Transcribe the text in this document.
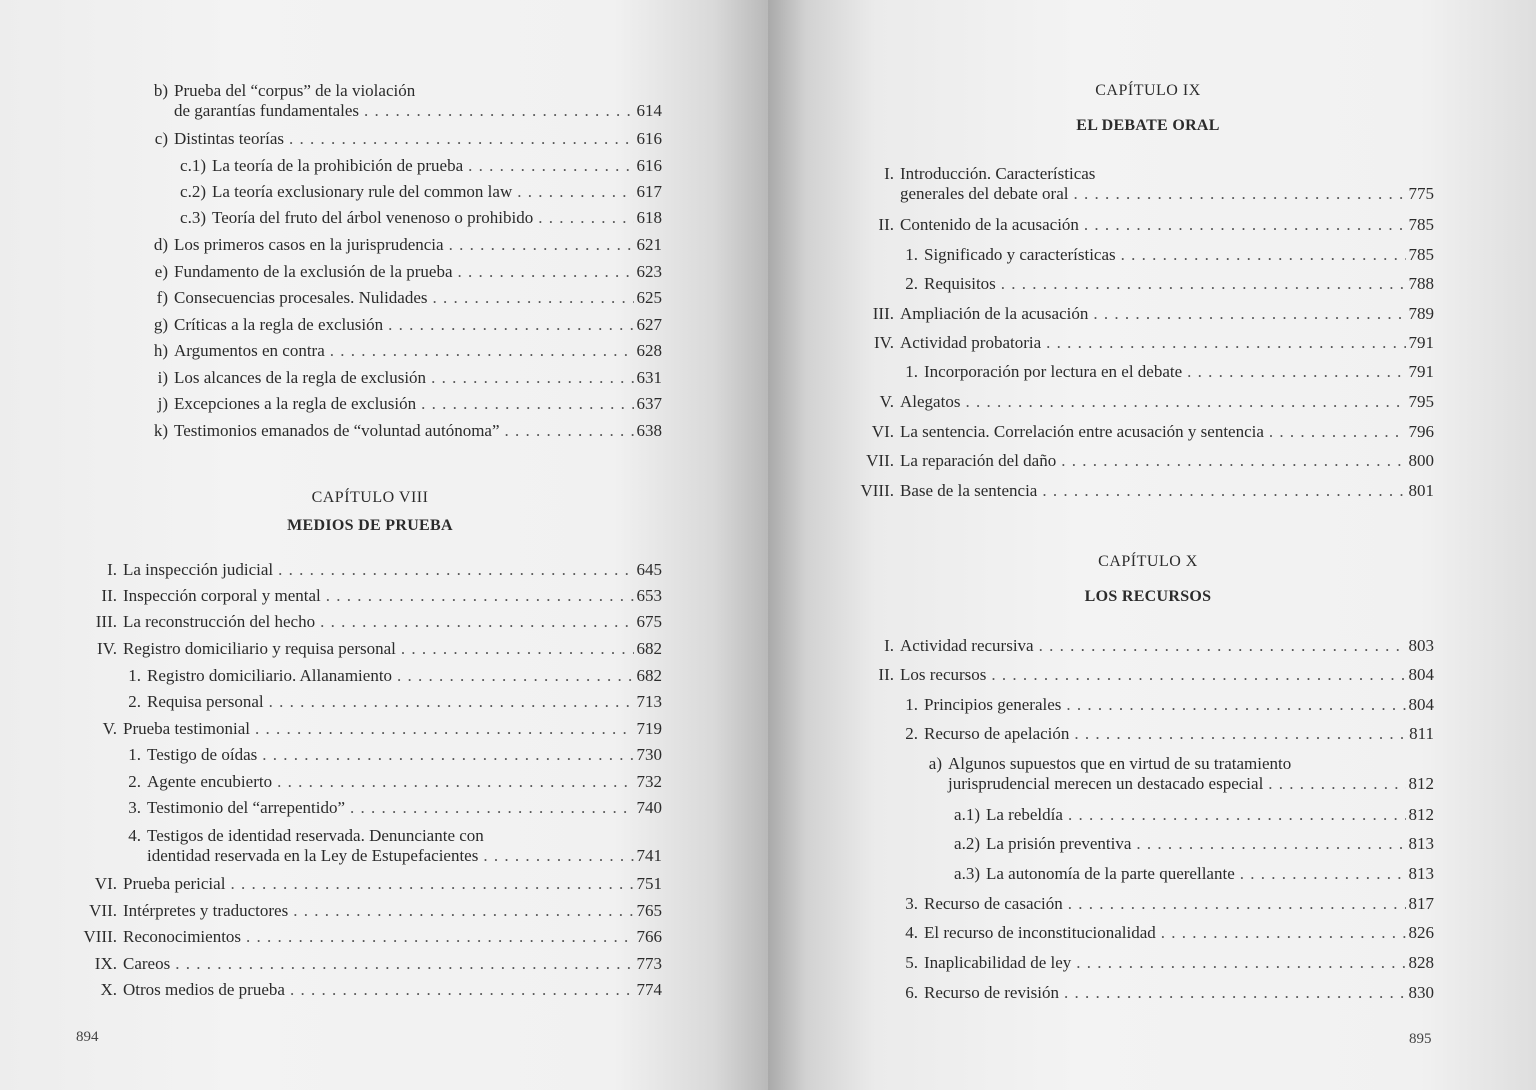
b) Prueba del “corpus” de la violación
de garantías fundamentales . . .	614
c) Distintas teorías . . .	616
c.1) La teoría de la prohibición de prueba . . .	616
c.2) La teoría exclusionary rule del common law . . .	617
c.3) Teoría del fruto del árbol venenoso o prohibido . . .	618
d) Los primeros casos en la jurisprudencia . . .	621
e) Fundamento de la exclusión de la prueba . . .	623
f) Consecuencias procesales. Nulidades . . .	625
g) Críticas a la regla de exclusión . . .	627
h) Argumentos en contra . . .	628
i) Los alcances de la regla de exclusión . . .	631
j) Excepciones a la regla de exclusión . . .	637
k) Testimonios emanados de “voluntad autónoma” . . .	638
CAPÍTULO VIII
MEDIOS DE PRUEBA
I. La inspección judicial . . .	645
II. Inspección corporal y mental . . .	653
III. La reconstrucción del hecho . . .	675
IV. Registro domiciliario y requisa personal . . .	682
1. Registro domiciliario. Allanamiento . . .	682
2. Requisa personal . . .	713
V. Prueba testimonial . . .	719
1. Testigo de oídas . . .	730
2. Agente encubierto . . .	732
3. Testimonio del “arrepentido” . . .	740
4. Testigos de identidad reservada. Denunciante con
identidad reservada en la Ley de Estupefacientes . . .	741
VI. Prueba pericial . . .	751
VII. Intérpretes y traductores . . .	765
VIII. Reconocimientos . . .	766
IX. Careos . . .	773
X. Otros medios de prueba . . .	774
894
CAPÍTULO IX
EL DEBATE ORAL
I. Introducción. Características
generales del debate oral . . .	775
II. Contenido de la acusación . . .	785
1. Significado y características . . .	785
2. Requisitos . . .	788
III. Ampliación de la acusación . . .	789
IV. Actividad probatoria . . .	791
1. Incorporación por lectura en el debate . . .	791
V. Alegatos . . .	795
VI. La sentencia. Correlación entre acusación y sentencia . . .	796
VII. La reparación del daño . . .	800
VIII. Base de la sentencia . . .	801
CAPÍTULO X
LOS RECURSOS
I. Actividad recursiva . . .	803
II. Los recursos . . .	804
1. Principios generales . . .	804
2. Recurso de apelación . . .	811
a) Algunos supuestos que en virtud de su tratamiento
jurisprudencial merecen un destacado especial . . .	812
a.1) La rebeldía . . .	812
a.2) La prisión preventiva . . .	813
a.3) La autonomía de la parte querellante . . .	813
3. Recurso de casación . . .	817
4. El recurso de inconstitucionalidad . . .	826
5. Inaplicabilidad de ley . . .	828
6. Recurso de revisión . . .	830
895
